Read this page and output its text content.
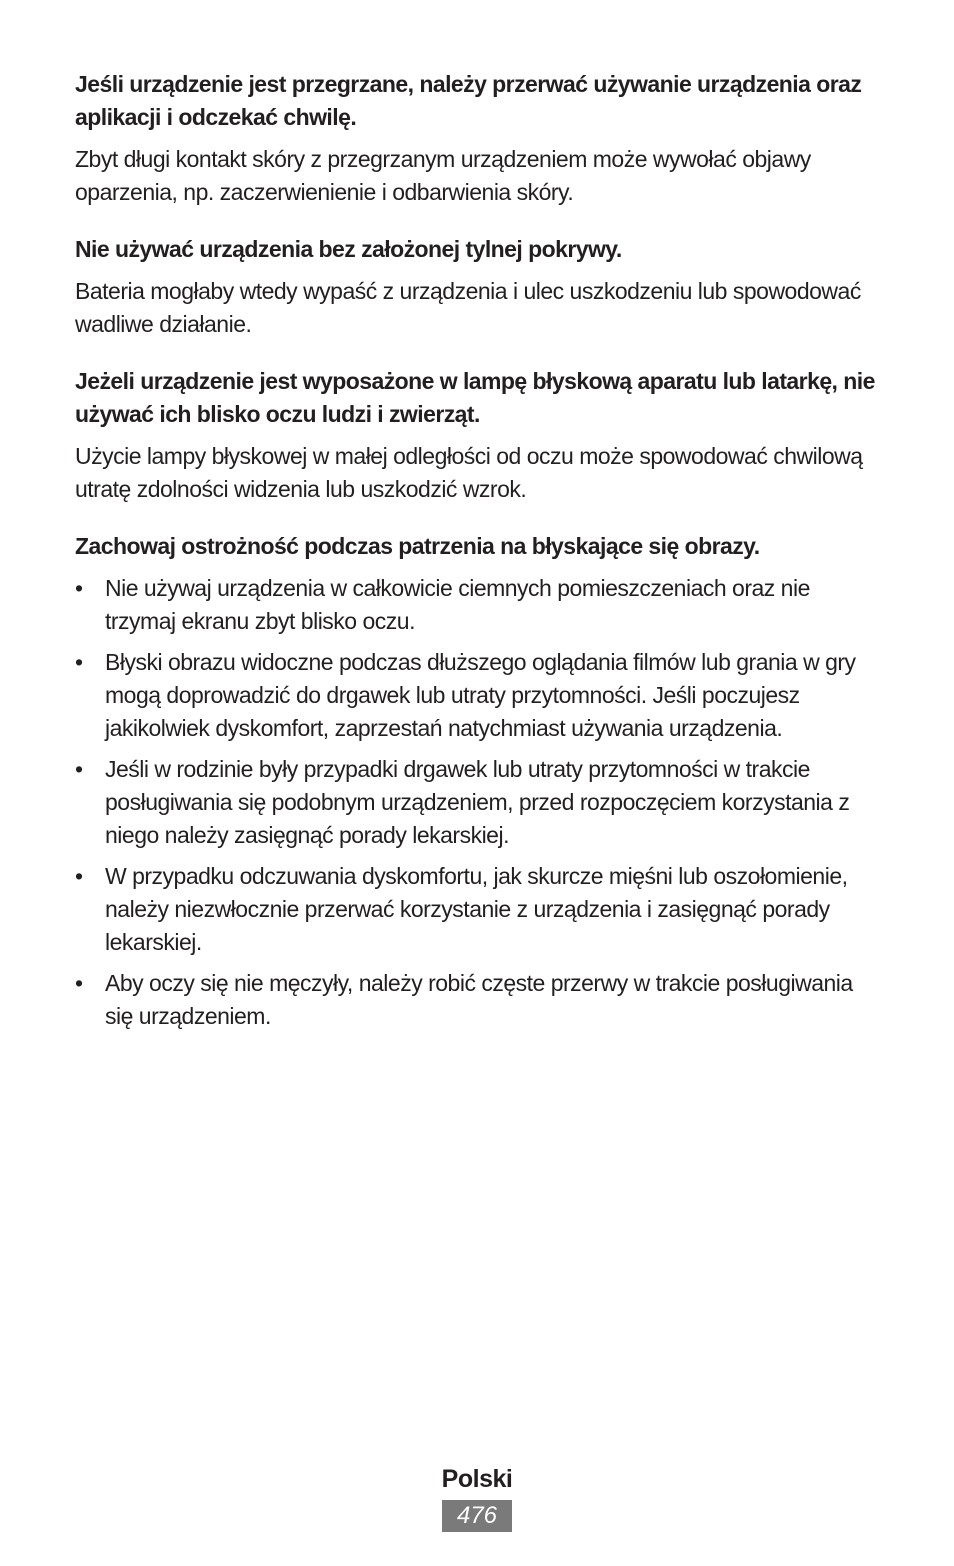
Jeśli urządzenie jest przegrzane, należy przerwać używanie urządzenia oraz aplikacji i odczekać chwilę.

Zbyt długi kontakt skóry z przegrzanym urządzeniem może wywołać objawy oparzenia, np. zaczerwienienie i odbarwienia skóry.

Nie używać urządzenia bez założonej tylnej pokrywy.

Bateria mogłaby wtedy wypaść z urządzenia i ulec uszkodzeniu lub spowodować wadliwe działanie.

Jeżeli urządzenie jest wyposażone w lampę błyskową aparatu lub latarkę, nie używać ich blisko oczu ludzi i zwierząt.

Użycie lampy błyskowej w małej odległości od oczu może spowodować chwilową utratę zdolności widzenia lub uszkodzić wzrok.

Zachowaj ostrożność podczas patrzenia na błyskające się obrazy.

• Nie używaj urządzenia w całkowicie ciemnych pomieszczeniach oraz nie trzymaj ekranu zbyt blisko oczu.
• Błyski obrazu widoczne podczas dłuższego oglądania filmów lub grania w gry mogą doprowadzić do drgawek lub utraty przytomności. Jeśli poczujesz jakikolwiek dyskomfort, zaprzestań natychmiast używania urządzenia.
• Jeśli w rodzinie były przypadki drgawek lub utraty przytomności w trakcie posługiwania się podobnym urządzeniem, przed rozpoczęciem korzystania z niego należy zasięgnąć porady lekarskiej.
• W przypadku odczuwania dyskomfortu, jak skurcze mięśni lub oszołomienie, należy niezwłocznie przerwać korzystanie z urządzenia i zasięgnąć porady lekarskiej.
• Aby oczy się nie męczyły, należy robić częste przerwy w trakcie posługiwania się urządzeniem.
Polski
476
